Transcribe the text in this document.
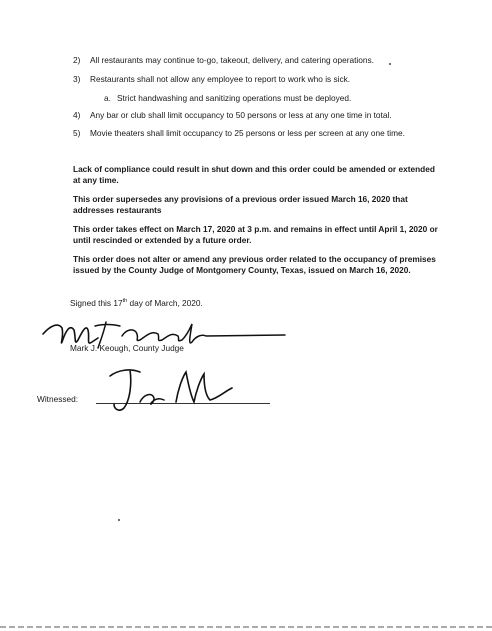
2) All restaurants may continue to-go, takeout, delivery, and catering operations.
3) Restaurants shall not allow any employee to report to work who is sick.
a. Strict handwashing and sanitizing operations must be deployed.
4) Any bar or club shall limit occupancy to 50 persons or less at any one time in total.
5) Movie theaters shall limit occupancy to 25 persons or less per screen at any one time.
Lack of compliance could result in shut down and this order could be amended or extended at any time.
This order supersedes any provisions of a previous order issued March 16, 2020 that addresses restaurants
This order takes effect on March 17, 2020 at 3 p.m. and remains in effect until April 1, 2020 or until rescinded or extended by a future order.
This order does not alter or amend any previous order related to the occupancy of premises issued by the County Judge of Montgomery County, Texas, issued on March 16, 2020.
Signed this 17th day of March, 2020.
Mark J. Keough, County Judge
Witnessed:
